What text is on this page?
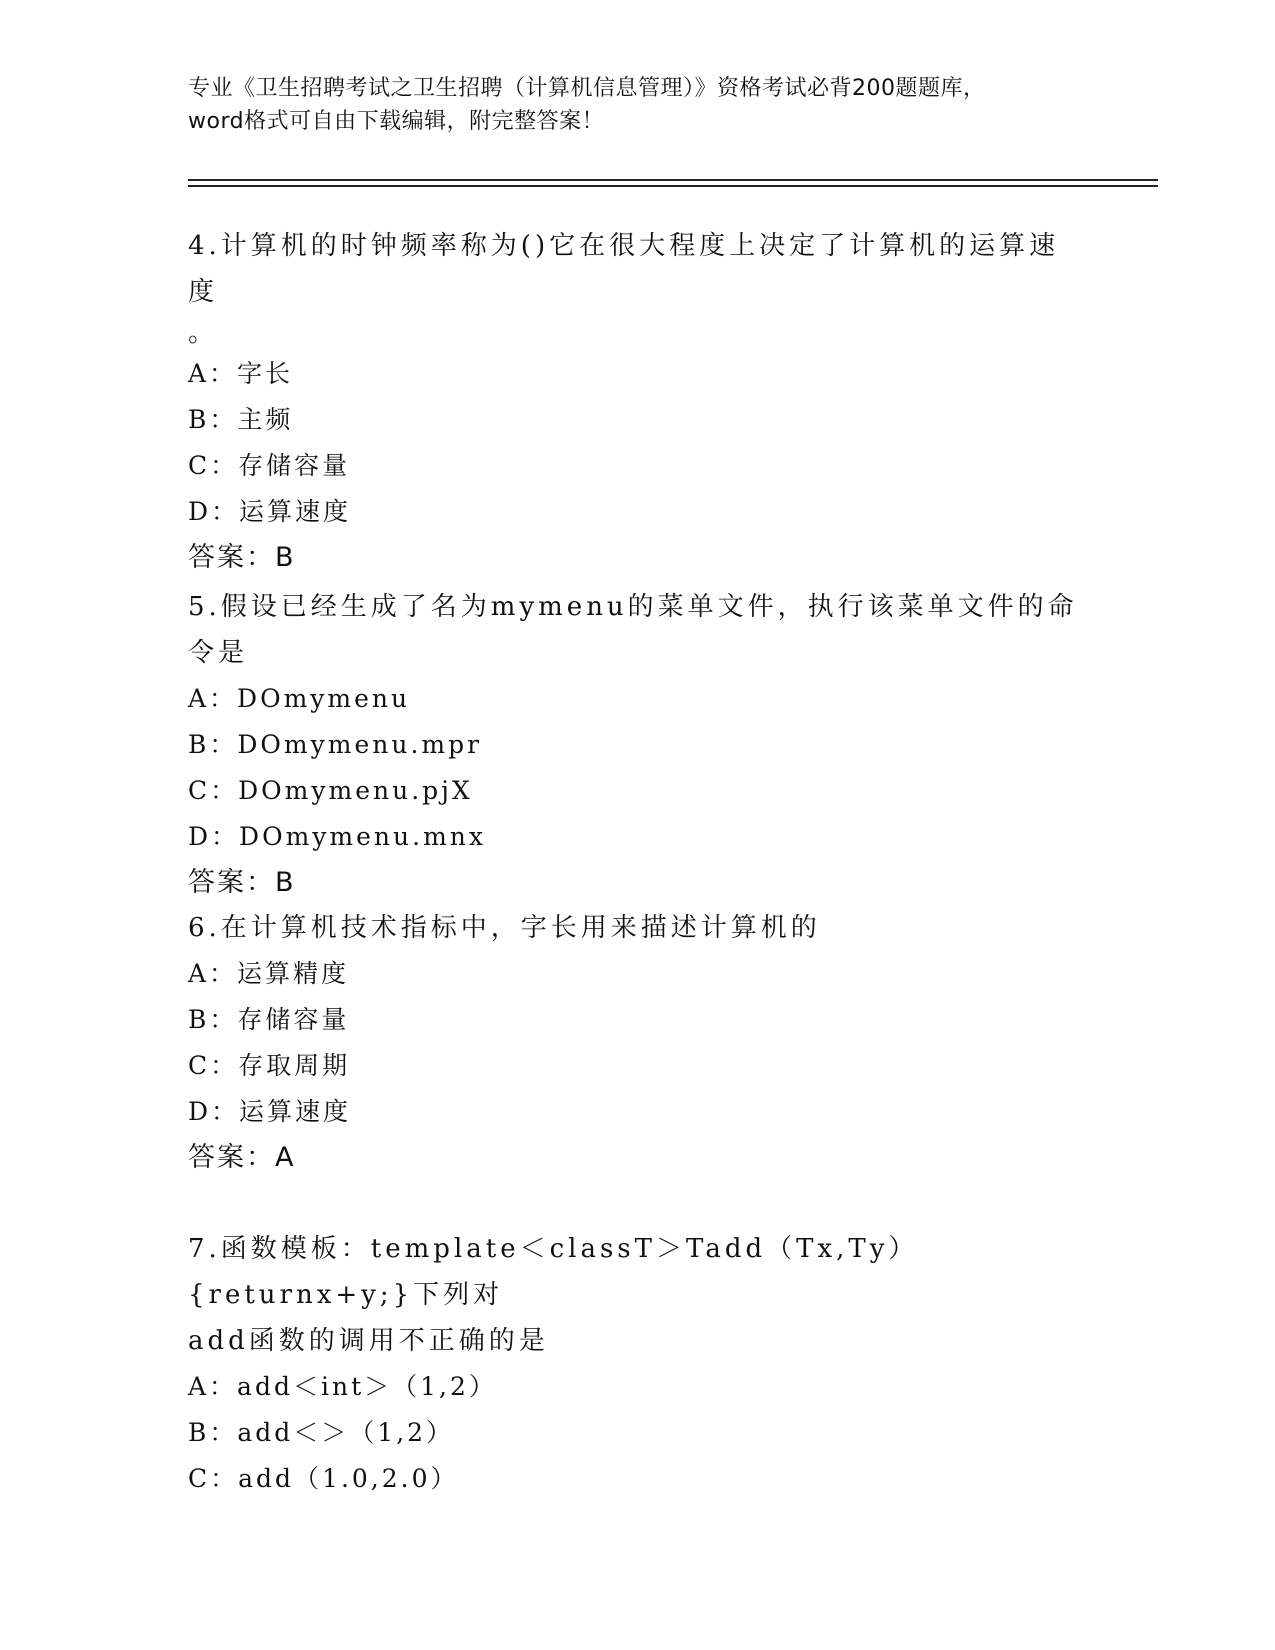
专业《卫生招聘考试之卫生招聘（计算机信息管理）》资格考试必背200题题库，
word格式可自由下载编辑，附完整答案！

4.计算机的时钟频率称为()它在很大程度上决定了计算机的运算速度

。

A：字长

B：主频

C：存储容量

D：运算速度

答案：B

5.假设已经生成了名为mymenu的菜单文件，执行该菜单文件的命令是

A：DOmymenu

B：DOmymenu.mpr

C：DOmymenu.pjX

D：DOmymenu.mnx

答案：B

6.在计算机技术指标中，字长用来描述计算机的

A：运算精度

B：存储容量

C：存取周期

D：运算速度

答案：A

7.函数模板：template＜classT＞Tadd（Tx,Ty）{returnx+y;}下列对

add函数的调用不正确的是

A：add＜int＞（1,2）

B：add＜＞（1,2）

C：add（1.0,2.0）
